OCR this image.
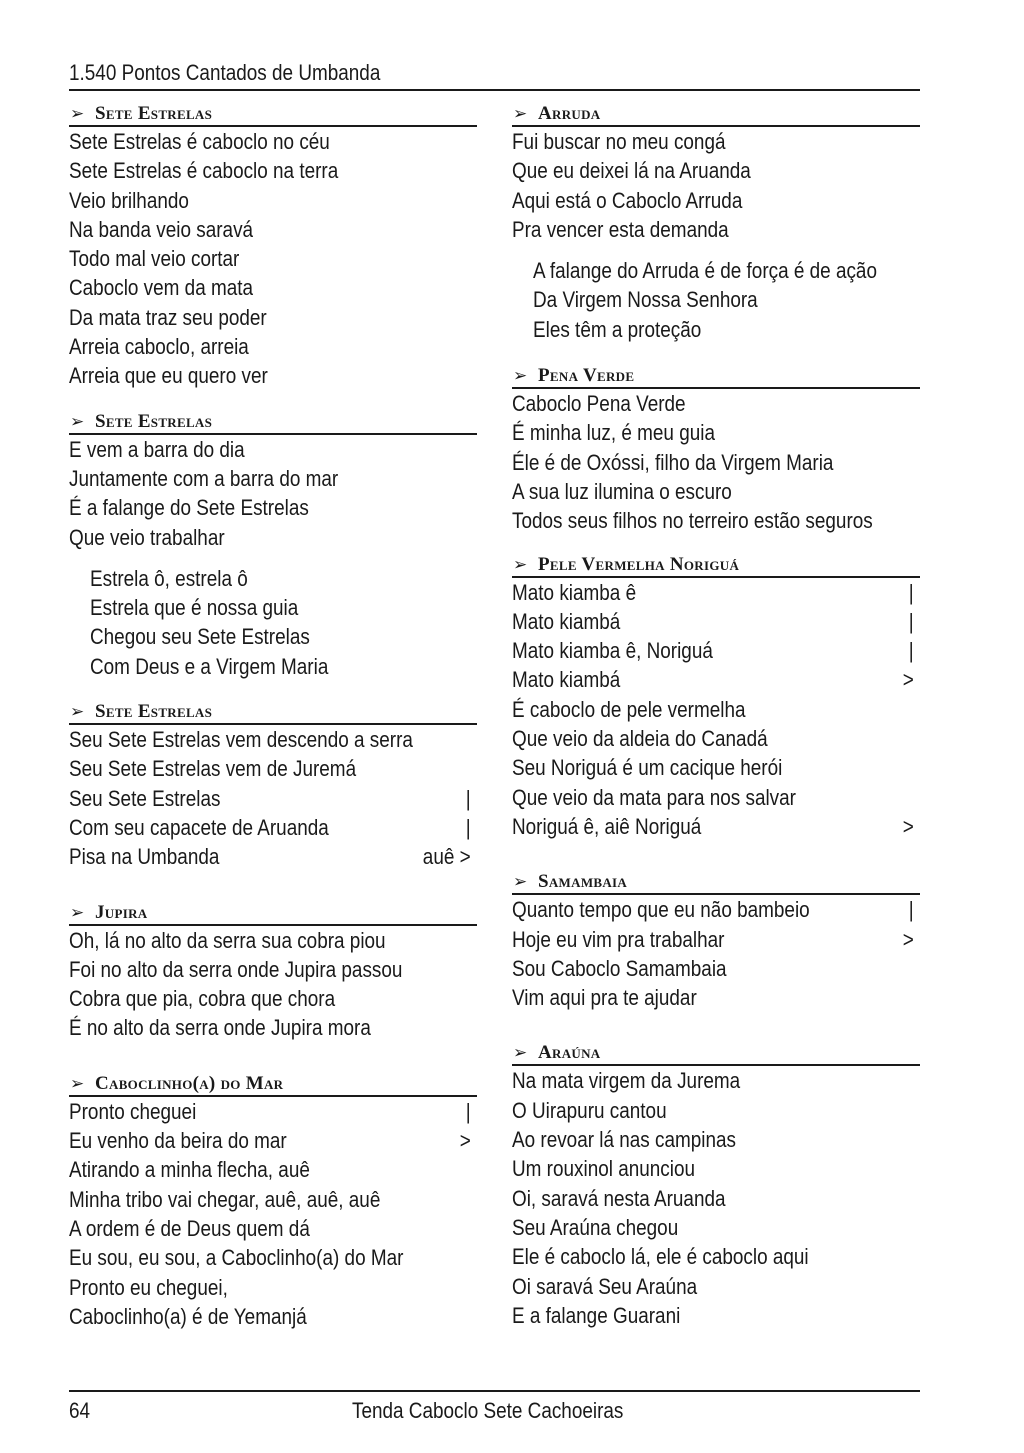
1.540 Pontos Cantados de Umbanda
➢ Sete Estrelas
Sete Estrelas é caboclo no céu
Sete Estrelas é caboclo na terra
Veio brilhando
Na banda veio saravá
Todo mal veio cortar
Caboclo vem da mata
Da mata traz seu poder
Arreia caboclo, arreia
Arreia que eu quero ver
➢ Sete Estrelas
E vem a barra do dia
Juntamente com a barra do mar
É a falange do Sete Estrelas
Que veio trabalhar
Estrela ô, estrela ô
Estrela que é nossa guia
Chegou seu Sete Estrelas
Com Deus e a Virgem Maria
➢ Sete Estrelas
Seu Sete Estrelas vem descendo a serra
Seu Sete Estrelas vem de Juremá
Seu Sete Estrelas	|
Com seu capacete de Aruanda	|
Pisa na Umbanda	auê >
➢ Jupira
Oh, lá no alto da serra sua cobra piou
Foi no alto da serra onde Jupira passou
Cobra que pia, cobra que chora
É no alto da serra onde Jupira mora
➢ Caboclinho(a) do Mar
Pronto cheguei	|
Eu venho da beira do mar	>
Atirando a minha flecha, auê
Minha tribo vai chegar, auê, auê, auê
A ordem é de Deus quem dá
Eu sou, eu sou, a Caboclinho(a) do Mar
Pronto eu cheguei,
Caboclinho(a) é de Yemanjá
➢ Arruda
Fui buscar no meu congá
Que eu deixei lá na Aruanda
Aqui está o Caboclo Arruda
Pra vencer esta demanda
A falange do Arruda é de força é de ação
Da Virgem Nossa Senhora
Eles têm a proteção
➢ Pena Verde
Caboclo Pena Verde
É minha luz, é meu guia
Éle é de Oxóssi, filho da Virgem Maria
A sua luz ilumina o escuro
Todos seus filhos no terreiro estão seguros
➢ Pele Vermelha Noriguá
Mato kiamba ê	|
Mato kiambá	|
Mato kiamba ê, Noriguá	|
Mato kiambá	>
É caboclo de pele vermelha
Que veio da aldeia do Canadá
Seu Noriguá é um cacique herói
Que veio da mata para nos salvar
Noriguá ê, aiê Noriguá	>
➢ Samambaia
Quanto tempo que eu não bambeio	|
Hoje eu vim pra trabalhar	>
Sou Caboclo Samambaia
Vim aqui pra te ajudar
➢ Araúna
Na mata virgem da Jurema
O Uirapuru cantou
Ao revoar lá nas campinas
Um rouxinol anunciou
Oi, saravá nesta Aruanda
Seu Araúna chegou
Ele é caboclo lá, ele é caboclo aqui
Oi saravá Seu Araúna
E a falange Guarani
64	Tenda Caboclo Sete Cachoeiras
